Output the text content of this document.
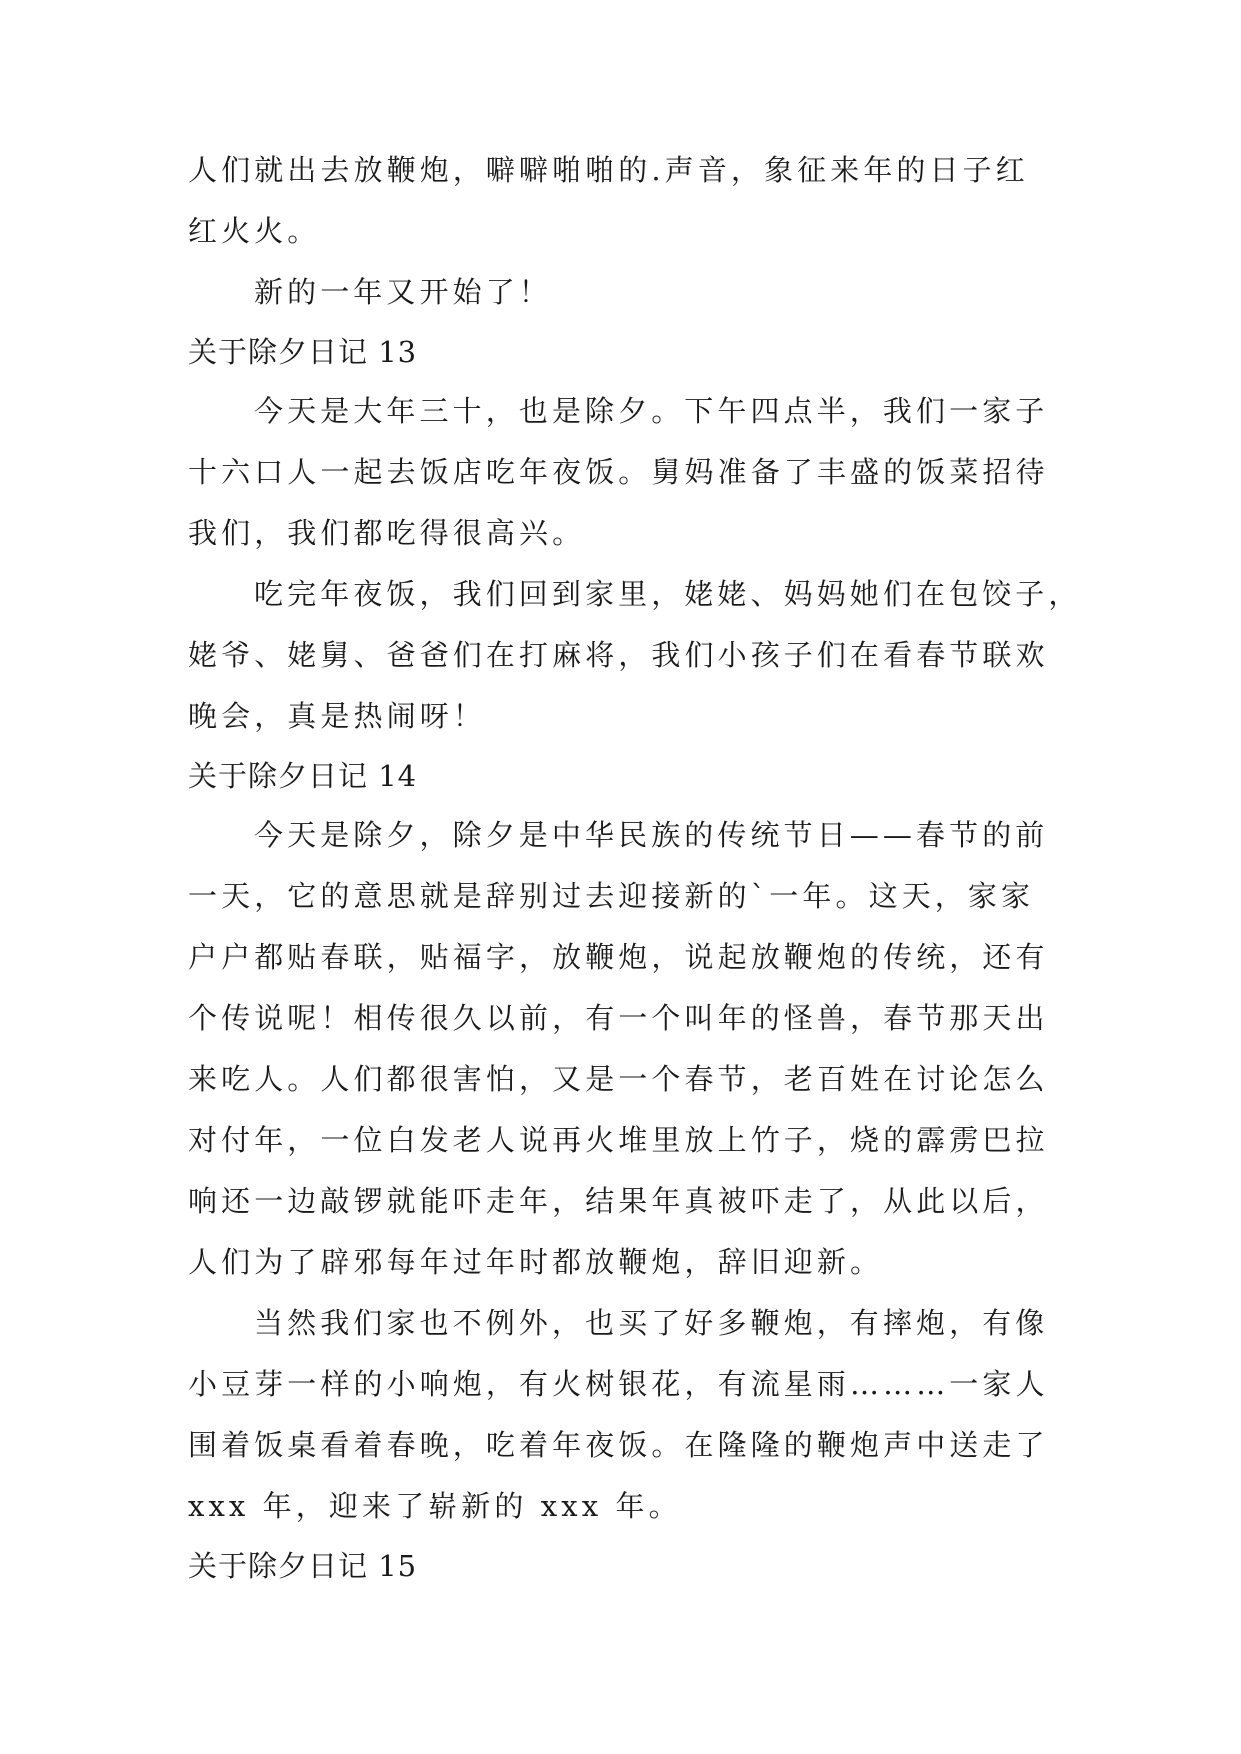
人们就出去放鞭炮，噼噼啪啪的.声音，象征来年的日子红
红火火。
新的一年又开始了！
关于除夕日记 13
今天是大年三十，也是除夕。下午四点半，我们一家子
十六口人一起去饭店吃年夜饭。舅妈准备了丰盛的饭菜招待
我们，我们都吃得很高兴。
吃完年夜饭，我们回到家里，姥姥、妈妈她们在包饺子，
姥爷、姥舅、爸爸们在打麻将，我们小孩子们在看春节联欢
晚会，真是热闹呀！
关于除夕日记 14
今天是除夕，除夕是中华民族的传统节日——春节的前
一天，它的意思就是辞别过去迎接新的`一年。这天，家家
户户都贴春联，贴福字，放鞭炮，说起放鞭炮的传统，还有
个传说呢！相传很久以前，有一个叫年的怪兽，春节那天出
来吃人。人们都很害怕，又是一个春节，老百姓在讨论怎么
对付年，一位白发老人说再火堆里放上竹子，烧的霹雳巴拉
响还一边敲锣就能吓走年，结果年真被吓走了，从此以后，
人们为了辟邪每年过年时都放鞭炮，辞旧迎新。
当然我们家也不例外，也买了好多鞭炮，有摔炮，有像
小豆芽一样的小响炮，有火树银花，有流星雨………一家人
围着饭桌看着春晚，吃着年夜饭。在隆隆的鞭炮声中送走了
xxx 年，迎来了崭新的 xxx 年。
关于除夕日记 15
